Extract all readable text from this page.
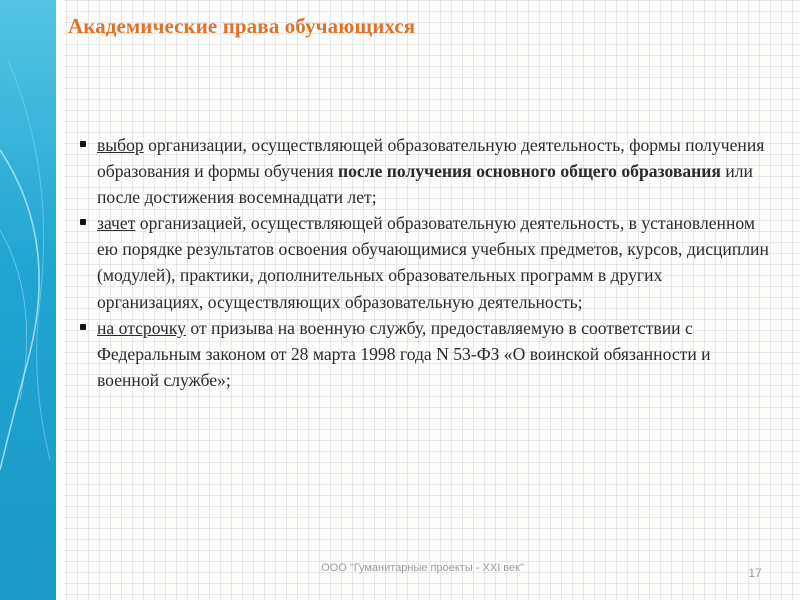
Академические права обучающихся
выбор организации, осуществляющей образовательную деятельность, формы получения образования и формы обучения после получения основного общего образования или после достижения восемнадцати лет;
зачет организацией, осуществляющей образовательную деятельность, в установленном ею порядке результатов освоения обучающимися учебных предметов, курсов, дисциплин (модулей), практики, дополнительных образовательных программ в других организациях, осуществляющих образовательную деятельность;
на отсрочку от призыва на военную службу, предоставляемую в соответствии с Федеральным законом от 28 марта 1998 года N 53-ФЗ «О воинской обязанности и военной службе»;
ООО "Гуманитарные проекты - XXI век"	17
